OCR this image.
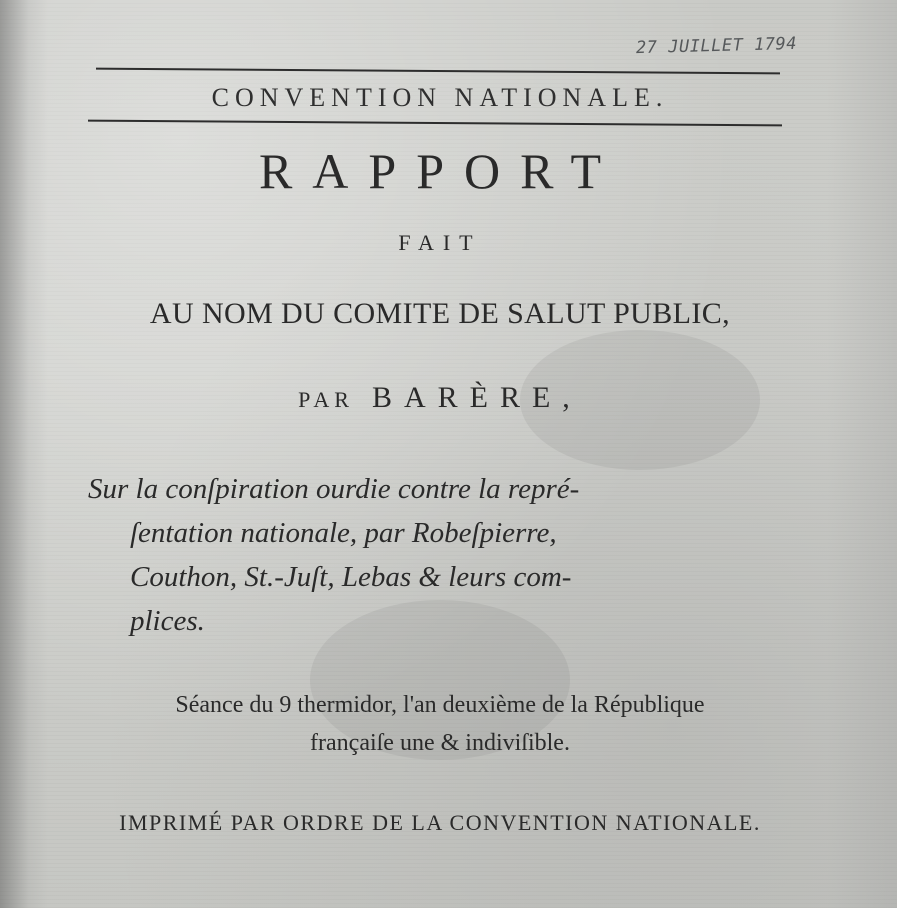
27 JUILLET 1794
CONVENTION NATIONALE.
RAPPORT
FAIT
AU NOM DU COMITE DE SALUT PUBLIC,
PAR BARÈRE,
Sur la conſpiration ourdie contre la repré-
ſentation nationale, par Robeſpierre,
Couthon, St.-Juſt, Lebas & leurs com-
plices.
Séance du 9 thermidor, l'an deuxième de la République
françaiſe une & indiviſible.
IMPRIMÉ PAR ORDRE DE LA CONVENTION NATIONALE.
